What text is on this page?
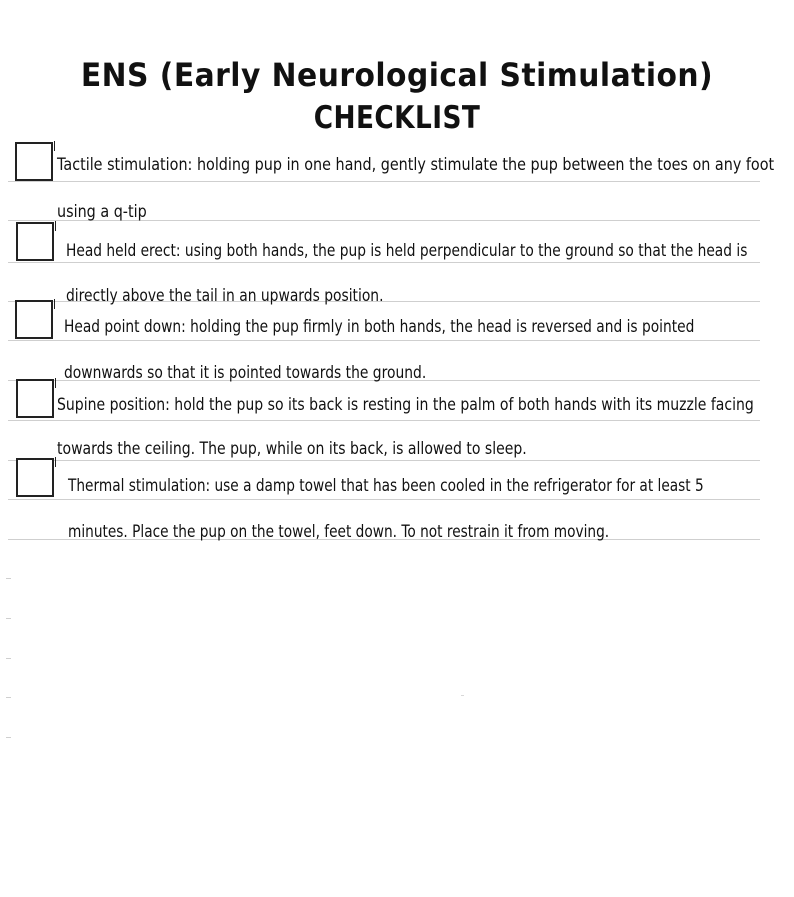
ENS (Early Neurological Stimulation)
CHECKLIST

Tactile stimulation: holding pup in one hand, gently stimulate the pup between the toes on any foot

using a q-tip

Head held erect: using both hands, the pup is held perpendicular to the ground so that the head is

directly above the tail in an upwards position.

Head point down: holding the pup firmly in both hands, the head is reversed and is pointed

downwards so that it is pointed towards the ground.

Supine position: hold the pup so its back is resting in the palm of both hands with its muzzle facing

towards the ceiling. The pup, while on its back, is allowed to sleep.

Thermal stimulation: use a damp towel that has been cooled in the refrigerator for at least 5

minutes. Place the pup on the towel, feet down. To not restrain it from moving.
